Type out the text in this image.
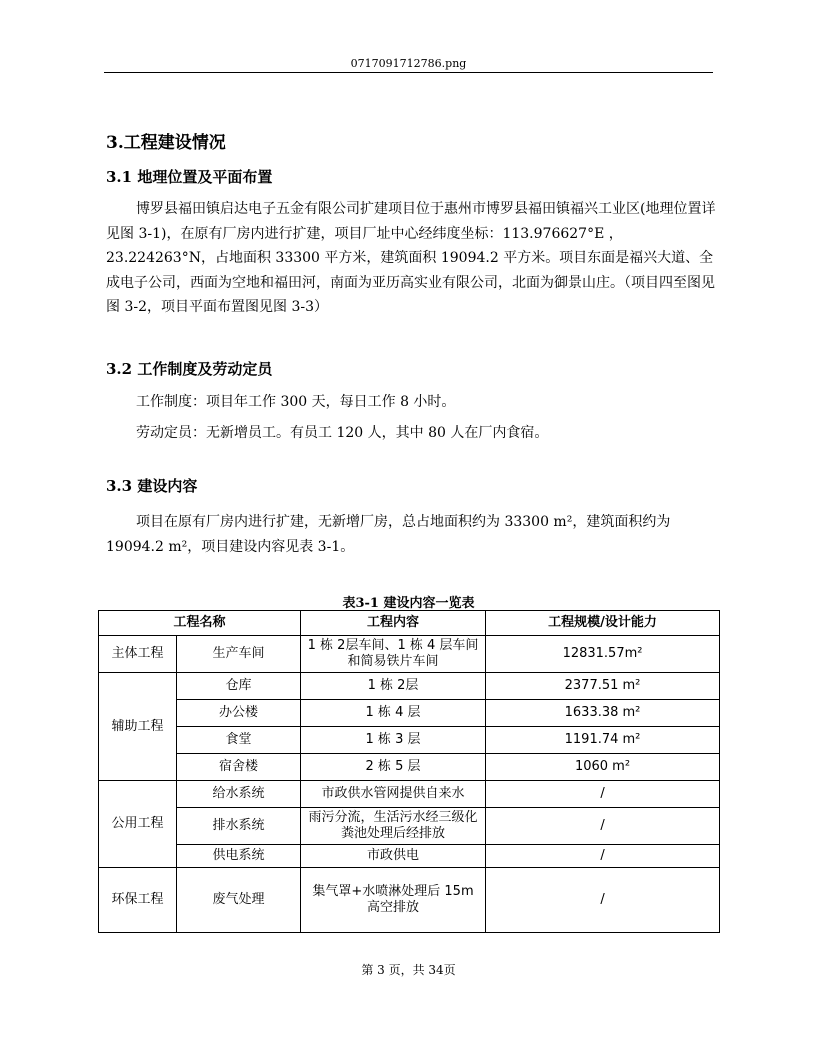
0717091712786.png
3.工程建设情况
3.1 地理位置及平面布置
博罗县福田镇启达电子五金有限公司扩建项目位于惠州市博罗县福田镇福兴工业区(地理位置详见图 3-1)，在原有厂房内进行扩建，项目厂址中心经纬度坐标：113.976627°E ，23.224263°N，占地面积 33300 平方米，建筑面积 19094.2 平方米。项目东面是福兴大道、全成电子公司，西面为空地和福田河，南面为亚历高实业有限公司，北面为御景山庄。（项目四至图见图 3-2，项目平面布置图见图 3-3）
3.2 工作制度及劳动定员
工作制度：项目年工作 300 天，每日工作 8 小时。
劳动定员：无新增员工。有员工 120 人，其中 80 人在厂内食宿。
3.3 建设内容
项目在原有厂房内进行扩建，无新增厂房，总占地面积约为 33300 m²，建筑面积约为 19094.2 m²，项目建设内容见表 3-1。
表3-1 建设内容一览表
工程名称		工程内容	工程规模/设计能力
主体工程	生产车间	1 栋 2层车间、1 栋 4 层车间和简易铁片车间	12831.57m²
辅助工程	仓库	1 栋 2层	2377.51 m²
	办公楼	1 栋 4 层	1633.38 m²
	食堂	1 栋 3 层	1191.74 m²
	宿舍楼	2 栋 5 层	1060 m²
公用工程	给水系统	市政供水管网提供自来水	/
	排水系统	雨污分流，生活污水经三级化粪池处理后经排放	/
	供电系统	市政供电	/
环保工程	废气处理	集气罩+水喷淋处理后 15m 高空排放	/
第 3 页，共 34页
